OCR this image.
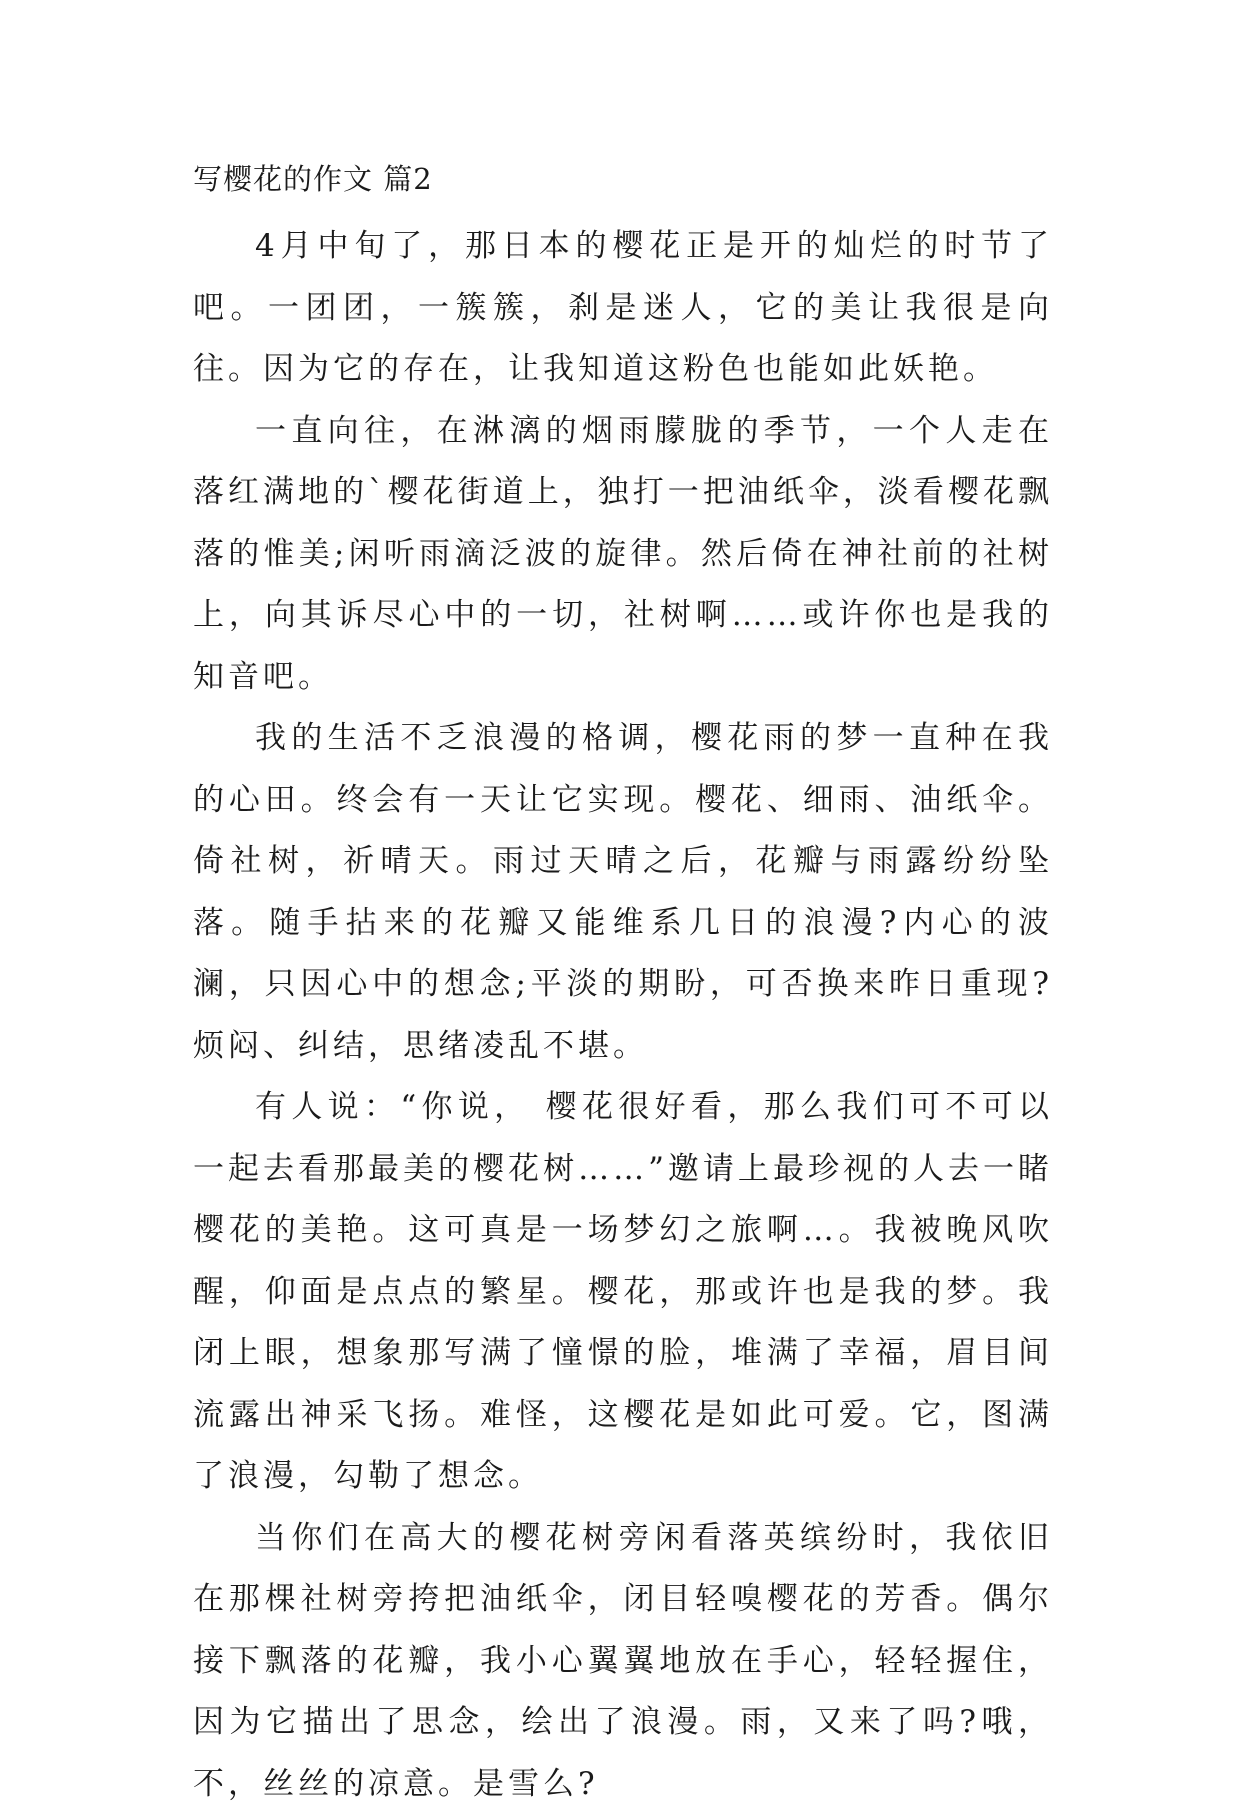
写樱花的作文 篇2

4月中旬了，那日本的樱花正是开的灿烂的时节了吧。一团团，一簇簇，刹是迷人，它的美让我很是向往。因为它的存在，让我知道这粉色也能如此妖艳。

一直向往，在淋漓的烟雨朦胧的季节，一个人走在落红满地的`樱花街道上，独打一把油纸伞，淡看樱花飘落的惟美;闲听雨滴泛波的旋律。然后倚在神社前的社树上，向其诉尽心中的一切，社树啊……或许你也是我的知音吧。

我的生活不乏浪漫的格调，樱花雨的梦一直种在我的心田。终会有一天让它实现。樱花、细雨、油纸伞。倚社树，祈晴天。雨过天晴之后，花瓣与雨露纷纷坠落。随手拈来的花瓣又能维系几日的浪漫?内心的波澜，只因心中的想念;平淡的期盼，可否换来昨日重现?烦闷、纠结，思绪凌乱不堪。

有人说：“你说， 樱花很好看，那么我们可不可以一起去看那最美的樱花树……”邀请上最珍视的人去一睹樱花的美艳。这可真是一场梦幻之旅啊…。我被晚风吹醒，仰面是点点的繁星。樱花，那或许也是我的梦。我闭上眼，想象那写满了憧憬的脸，堆满了幸福，眉目间流露出神采飞扬。难怪，这樱花是如此可爱。它，图满了浪漫，勾勒了想念。

当你们在高大的樱花树旁闲看落英缤纷时，我依旧在那棵社树旁挎把油纸伞，闭目轻嗅樱花的芳香。偶尔接下飘落的花瓣，我小心翼翼地放在手心，轻轻握住，因为它描出了思念，绘出了浪漫。雨，又来了吗?哦，不，丝丝的凉意。是雪么?
